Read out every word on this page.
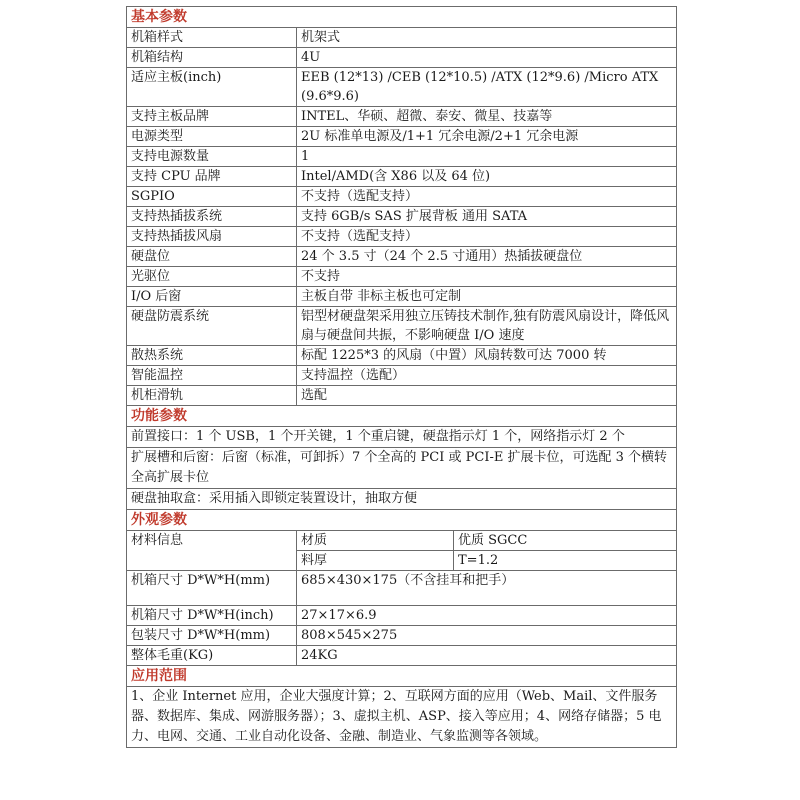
基本参数		
机箱样式	机架式	
机箱结构	4U	
适应主板(inch)	EEB (12*13) /CEB (12*10.5) /ATX (12*9.6) /Micro ATX (9.6*9.6)	
支持主板品牌	INTEL、华硕、超微、泰安、微星、技嘉等	
电源类型	2U 标准单电源及/1+1 冗余电源/2+1 冗余电源	
支持电源数量	1	
支持 CPU 品牌	Intel/AMD(含 X86 以及 64 位)	
SGPIO	不支持（选配支持）	
支持热插拔系统	支持 6GB/s SAS 扩展背板 通用 SATA	
支持热插拔风扇	不支持（选配支持）	
硬盘位	24 个 3.5 寸（24 个 2.5 寸通用）热插拔硬盘位	
光驱位	不支持	
I/O 后窗	主板自带 非标主板也可定制	
硬盘防震系统	铝型材硬盘架采用独立压铸技术制作,独有防震风扇设计，降低风扇与硬盘间共振，不影响硬盘 I/O 速度	
散热系统	标配 1225*3 的风扇（中置）风扇转数可达 7000 转	
智能温控	支持温控（选配）	
机柜滑轨	选配	
功能参数		
前置接口：1 个 USB，1 个开关键，1 个重启键，硬盘指示灯 1 个，网络指示灯 2 个		
扩展槽和后窗：后窗（标准，可卸拆）7 个全高的 PCI 或 PCI-E 扩展卡位，可选配 3 个横转全高扩展卡位		
硬盘抽取盒：采用插入即锁定装置设计，抽取方便		
外观参数		
材料信息	材质	优质 SGCC
	料厚	T=1.2
机箱尺寸 D*W*H(mm)	685×430×175（不含挂耳和把手）	
机箱尺寸 D*W*H(inch)	27×17×6.9	
包装尺寸 D*W*H(mm)	808×545×275	
整体毛重(KG)	24KG	
应用范围		
1、企业 Internet 应用，企业大强度计算；2、互联网方面的应用（Web、Mail、文件服务器、数据库、集成、网游服务器）；3、虚拟主机、ASP、接入等应用；4、网络存储器；5 电力、电网、交通、工业自动化设备、金融、制造业、气象监测等各领域。		
